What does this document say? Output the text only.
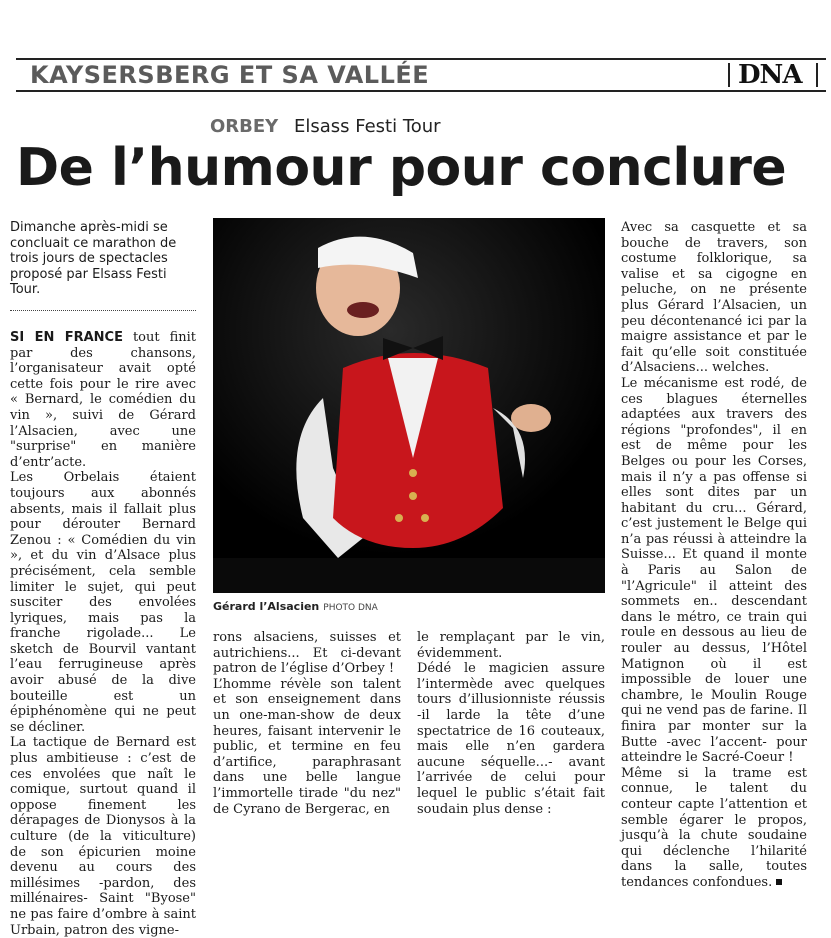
KAYSERSBERG ET SA VALLÉE	DNA
ORBEY Elsass Festi Tour
De l’humour pour conclure
Dimanche après-midi se concluait ce marathon de trois jours de spectacles proposé par Elsass Festi Tour.

SI EN FRANCE tout finit par des chansons, l’organisateur avait opté cette fois pour le rire avec « Bernard, le comédien du vin », suivi de Gérard l’Alsacien, avec une "surprise" en manière d’entr’acte.

Les Orbelais étaient toujours aux abonnés absents, mais il fallait plus pour dérouter Bernard Zenou : « Comédien du vin », et du vin d’Alsace plus précisément, cela semble limiter le sujet, qui peut susciter des envolées lyriques, mais pas la franche rigolade... Le sketch de Bourvil vantant l’eau ferrugineuse après avoir abusé de la dive bouteille est un épiphénomène qui ne peut se décliner.

La tactique de Bernard est plus ambitieuse : c’est de ces envolées que naît le comique, surtout quand il oppose finement les dérapages de Dionysos à la culture (de la viticulture) de son épicurien moine devenu au cours des millésimes -pardon, des millénaires- Saint "Byose" ne pas faire d’ombre à saint Urbain, patron des vigne-

Gérard l’Alsacien PHOTO DNA

rons alsaciens, suisses et autrichiens... Et ci-devant patron de l’église d’Orbey !

L’homme révèle son talent et son enseignement dans un one-man-show de deux heures, faisant intervenir le public, et termine en feu d’artifice, paraphrasant dans une belle langue l’immortelle tirade "du nez" de Cyrano de Bergerac, en

le remplaçant par le vin, évidemment.

Dédé le magicien assure l’intermède avec quelques tours d’illusionniste réussis -il larde la tête d’une spectatrice de 16 couteaux, mais elle n’en gardera aucune séquelle...- avant l’arrivée de celui pour lequel le public s’était fait soudain plus dense :

Avec sa casquette et sa bouche de travers, son costume folklorique, sa valise et sa cigogne en peluche, on ne présente plus Gérard l’Alsacien, un peu décontenancé ici par la maigre assistance et par le fait qu’elle soit constituée d’Alsaciens... welches.

Le mécanisme est rodé, de ces blagues éternelles adaptées aux travers des régions "profondes", il en est de même pour les Belges ou pour les Corses, mais il n’y a pas offense si elles sont dites par un habitant du cru... Gérard, c’est justement le Belge qui n’a pas réussi à atteindre la Suisse... Et quand il monte à Paris au Salon de "l’Agricule" il atteint des sommets en.. descendant dans le métro, ce train qui roule en dessous au lieu de rouler au dessus, l’Hôtel Matignon où il est impossible de louer une chambre, le Moulin Rouge qui ne vend pas de farine. Il finira par monter sur la Butte -avec l’accent- pour atteindre le Sacré-Coeur !

Même si la trame est connue, le talent du conteur capte l’attention et semble égarer le propos, jusqu’à la chute soudaine qui déclenche l’hilarité dans la salle, toutes tendances confondues.
